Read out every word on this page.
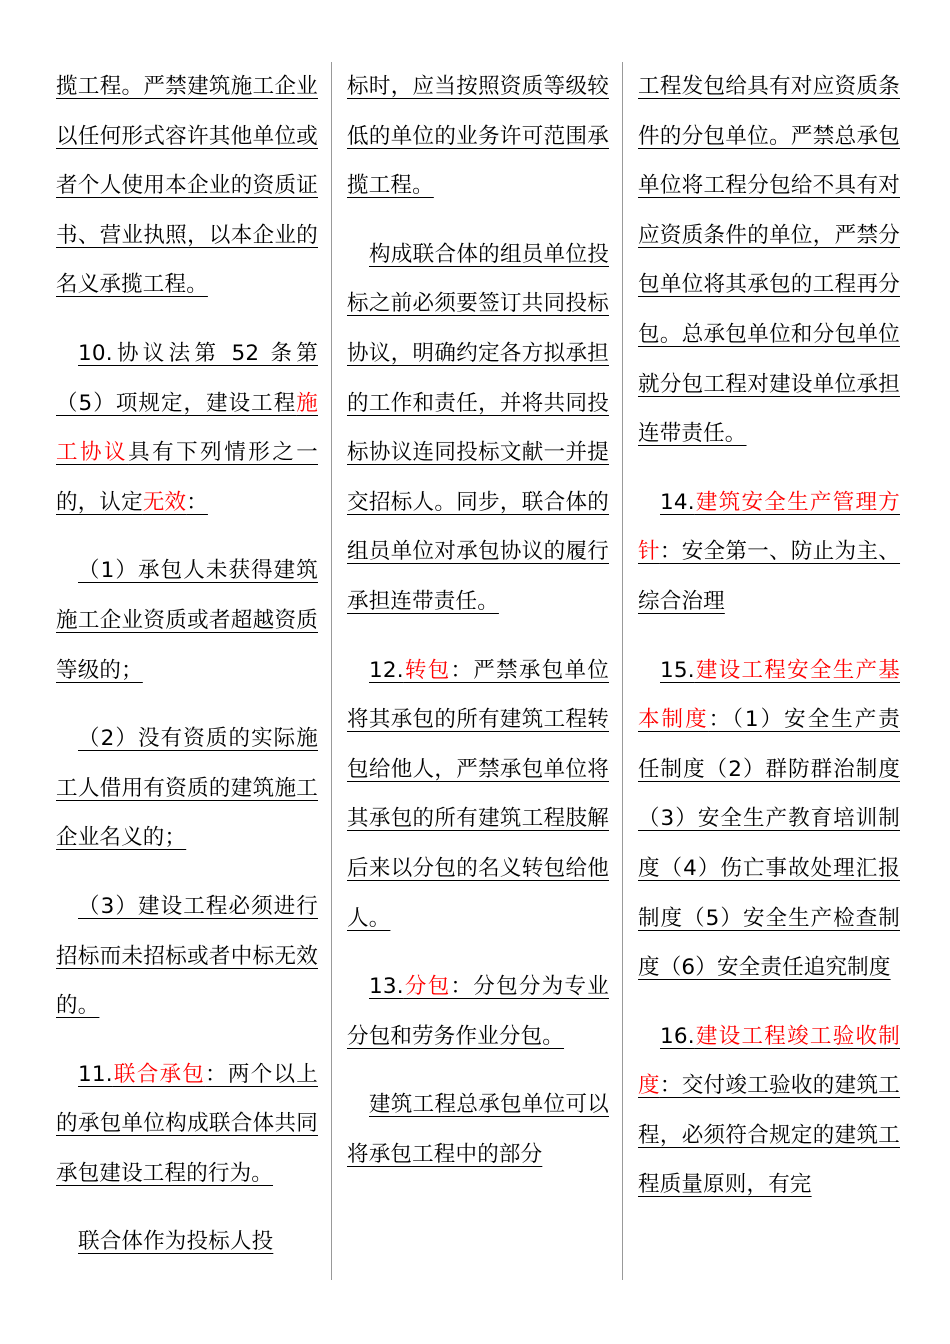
揽工程。严禁建筑施工企业以任何形式容许其他单位或者个人使用本企业的资质证书、营业执照，以本企业的名义承揽工程。

10.协议法第 52 条第（5）项规定，建设工程施工协议具有下列情形之一的，认定无效：

（1）承包人未获得建筑施工企业资质或者超越资质等级的；

（2）没有资质的实际施工人借用有资质的建筑施工企业名义的；

（3）建设工程必须进行招标而未招标或者中标无效的。

11.联合承包：两个以上的承包单位构成联合体共同承包建设工程的行为。

联合体作为投标人投

标时，应当按照资质等级较低的单位的业务许可范围承揽工程。

构成联合体的组员单位投标之前必须要签订共同投标协议，明确约定各方拟承担的工作和责任，并将共同投标协议连同投标文献一并提交招标人。同步，联合体的组员单位对承包协议的履行承担连带责任。

12.转包：严禁承包单位将其承包的所有建筑工程转包给他人，严禁承包单位将其承包的所有建筑工程肢解后来以分包的名义转包给他人。

13.分包：分包分为专业分包和劳务作业分包。

建筑工程总承包单位可以将承包工程中的部分

工程发包给具有对应资质条件的分包单位。严禁总承包单位将工程分包给不具有对应资质条件的单位，严禁分包单位将其承包的工程再分包。总承包单位和分包单位就分包工程对建设单位承担连带责任。

14.建筑安全生产管理方针：安全第一、防止为主、综合治理

15.建设工程安全生产基本制度：（1）安全生产责任制度（2）群防群治制度（3）安全生产教育培训制度（4）伤亡事故处理汇报制度（5）安全生产检查制度（6）安全责任追究制度

16.建设工程竣工验收制度：交付竣工验收的建筑工程，必须符合规定的建筑工程质量原则，有完
